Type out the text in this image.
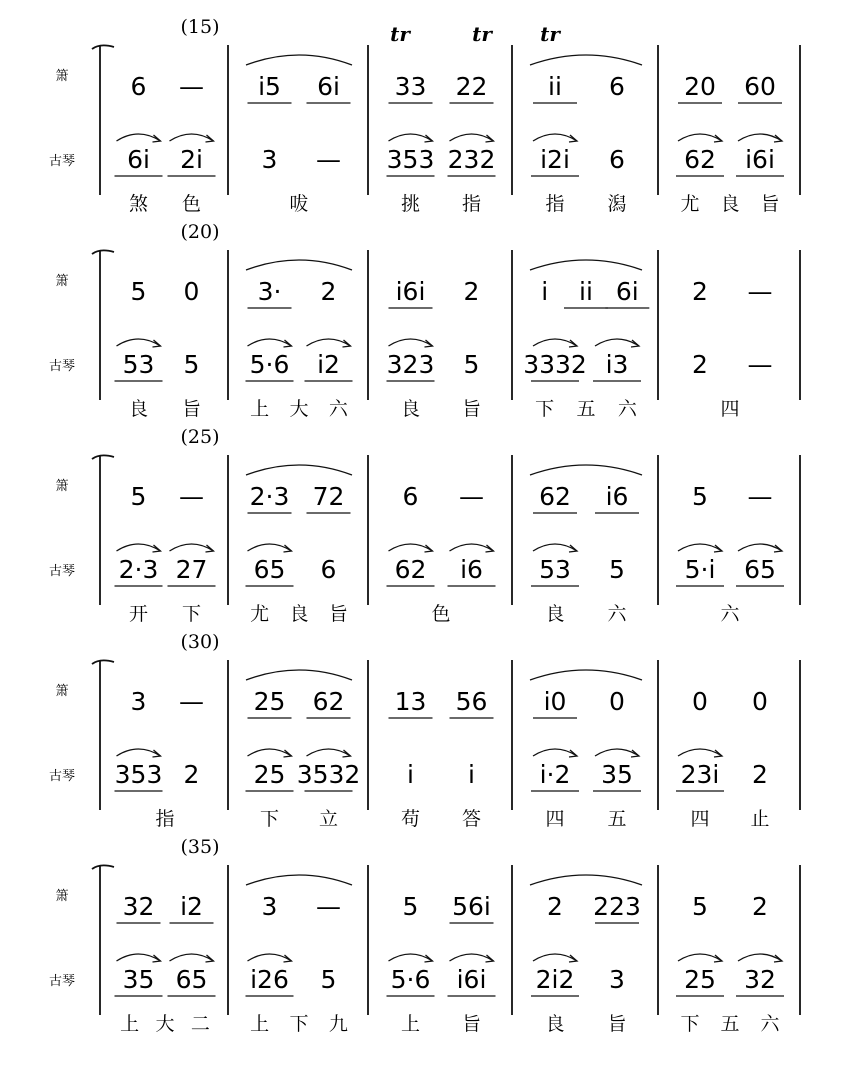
(15)
箫
古琴
6 —
6i 2i
煞 色
i5 6i
3 —
㕹
33 22
353 232
挑 指
ii 6
i2i 6
指 潟
20 60
62 i6i
尤 良 旨
tr	tr tr
(20)
箫
古琴
5 0
53 5
良 旨
3· 2
5·6 i2
上 大 六
i6i 2
323 5
良 旨
i ii 6i
3332 i3
下 五 六
2 —
2 —
四
(25)
箫
古琴
5 —
2·3 27
开 下
2·3 72
65 6
尤 良 旨
6 —
62 i6
色
62 i6
53 5
良 六
5 —
5·i 65
六
(30)
箫
古琴
3 —
353 2
指
25 62
25 3532
下 立
13 56
i i
苟 答
i0 0
i·2 35
四 五
0 0
23i 2
四 止
(35)
箫
古琴
32 i2
35 65
上 大 二
3 —
i26 5
上 下 九
5 56i
5·6 i6i
上 旨
2 223
2i2 3
良 旨
5 2
25 32
下 五 六
